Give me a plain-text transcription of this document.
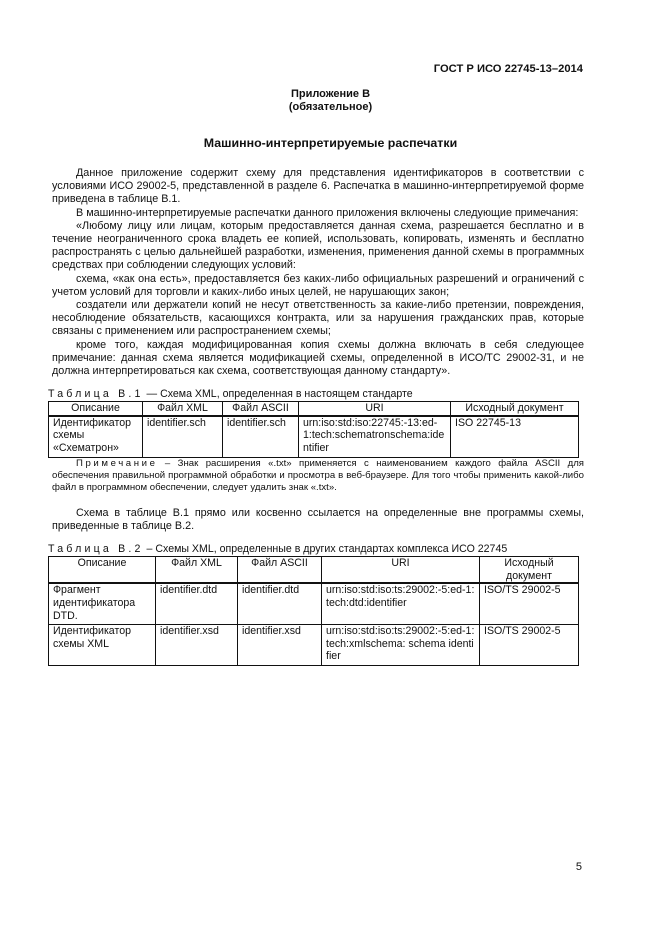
ГОСТ Р ИСО 22745-13–2014
Приложение В
(обязательное)
Машинно-интерпретируемые распечатки

Данное приложение содержит схему для представления идентификаторов в соответствии с условиями ИСО 29002-5, представленной в разделе 6. Распечатка в машинно-интерпретируемой форме приведена в таблице В.1.

В машинно-интерпретируемые распечатки данного приложения включены следующие примечания:

«Любому лицу или лицам, которым предоставляется данная схема, разрешается бесплатно и в течение неограниченного срока владеть ее копией, использовать, копировать, изменять и бесплатно распространять с целью дальнейшей разработки, изменения, применения данной схемы в программных средствах при соблюдении следующих условий:

схема, «как она есть», предоставляется без каких-либо официальных разрешений и ограничений с учетом условий для торговли и каких-либо иных целей, не нарушающих закон;

создатели или держатели копий не несут ответственность за какие-либо претензии, повреждения, несоблюдение обязательств, касающихся контракта, или за нарушения гражданских прав, которые связаны с применением или распространением схемы;

кроме того, каждая модифицированная копия схемы должна включать в себя следующее примечание: данная схема является модификацией схемы, определенной в ИСО/ТС 29002-31, и не должна интерпретироваться как схема, соответствующая данному стандарту».

Таблица В.1 — Схема XML, определенная в настоящем стандарте
Описание	Файл XML	Файл ASCII	URI	Исходный документ
Идентификатор схемы «Схематрон»	identifier.sch	identifier.sch	urn:iso:std:iso:22745:-13:ed-1:tech:schematronschema:identifier	ISO 22745-13

Примечание – Знак расширения «.txt» применяется с наименованием каждого файла ASCII для обеспечения правильной программной обработки и просмотра в веб-браузере. Для того чтобы применить какой-либо файл в программном обеспечении, следует удалить знак «.txt».

Схема в таблице В.1 прямо или косвенно ссылается на определенные вне программы схемы, приведенные в таблице В.2.

Таблица В.2 – Схемы XML, определенные в других стандартах комплекса ИСО 22745
Описание	Файл XML	Файл ASCII	URI	Исходный документ
Фрагмент идентификатора DTD.	identifier.dtd	identifier.dtd	urn:iso:std:iso:ts:29002:-5:ed-1:tech:dtd:identifier	ISO/TS 29002-5
Идентификатор схемы XML	identifier.xsd	identifier.xsd	urn:iso:std:iso:ts:29002:-5:ed-1:tech:xmlschema: schema identifier	ISO/TS 29002-5
5
